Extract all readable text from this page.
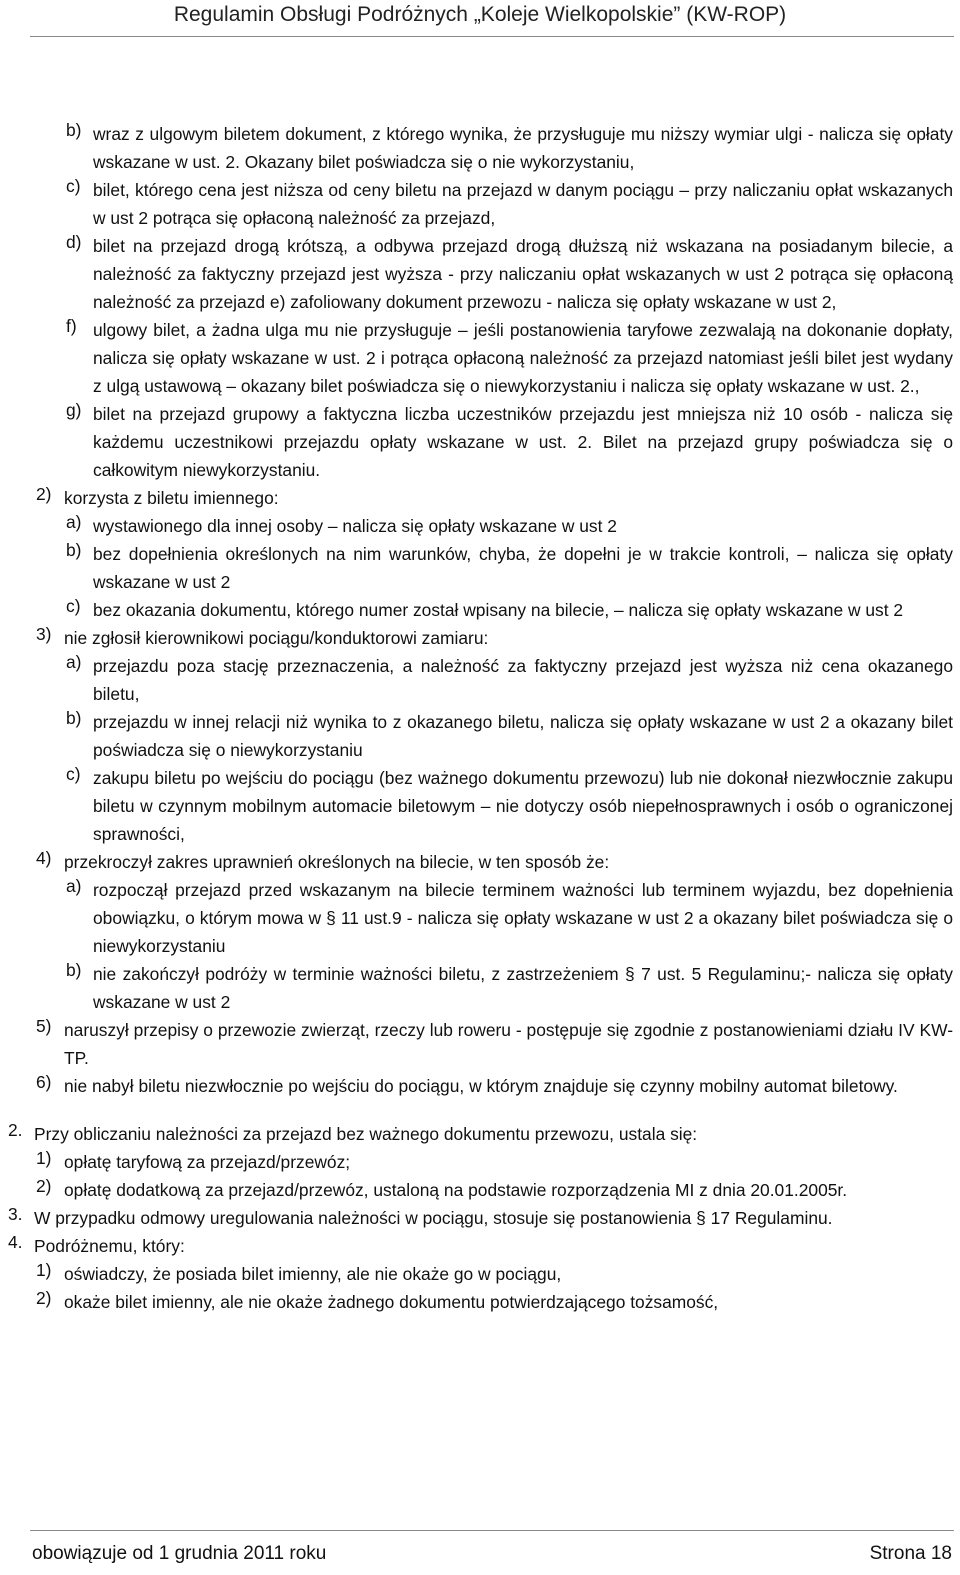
Regulamin Obsługi Podróżnych „Koleje Wielkopolskie” (KW-ROP)
b) wraz z ulgowym biletem dokument, z którego wynika, że przysługuje mu niższy wymiar ulgi - nalicza się opłaty wskazane w ust. 2. Okazany bilet poświadcza się o nie wykorzystaniu,
c) bilet, którego cena jest niższa od ceny biletu na przejazd w danym pociągu – przy naliczaniu opłat wskazanych w ust 2 potrąca się opłaconą należność za przejazd,
d) bilet na przejazd drogą krótszą, a odbywa przejazd drogą dłuższą niż wskazana na posiadanym bilecie, a należność za faktyczny przejazd jest wyższa - przy naliczaniu opłat wskazanych w ust 2 potrąca się opłaconą należność za przejazd e) zafoliowany dokument przewozu - nalicza się opłaty wskazane w ust 2,
f) ulgowy bilet, a żadna ulga mu nie przysługuje – jeśli postanowienia taryfowe zezwalają na dokonanie dopłaty, nalicza się opłaty wskazane w ust. 2 i potrąca opłaconą należność za przejazd natomiast jeśli bilet jest wydany z ulgą ustawową – okazany bilet poświadcza się o niewykorzystaniu i nalicza się opłaty wskazane w ust. 2.,
g) bilet na przejazd grupowy a faktyczna liczba uczestników przejazdu jest mniejsza niż 10 osób - nalicza się każdemu uczestnikowi przejazdu opłaty wskazane w ust. 2. Bilet na przejazd grupy poświadcza się o całkowitym niewykorzystaniu.
2) korzysta z biletu imiennego:
a) wystawionego dla innej osoby – nalicza się opłaty wskazane w ust 2
b) bez dopełnienia określonych na nim warunków, chyba, że dopełni je w trakcie kontroli, – nalicza się opłaty wskazane w ust 2
c) bez okazania dokumentu, którego numer został wpisany na bilecie, – nalicza się opłaty wskazane w ust 2
3) nie zgłosił kierownikowi pociągu/konduktorowi zamiaru:
a) przejazdu poza stację przeznaczenia, a należność za faktyczny przejazd jest wyższa niż cena okazanego biletu,
b) przejazdu w innej relacji niż wynika to z okazanego biletu, nalicza się opłaty wskazane w ust 2 a okazany bilet poświadcza się o niewykorzystaniu
c) zakupu biletu po wejściu do pociągu (bez ważnego dokumentu przewozu) lub nie dokonał niezwłocznie zakupu biletu w czynnym mobilnym automacie biletowym – nie dotyczy osób niepełnosprawnych i osób o ograniczonej sprawności,
4) przekroczył zakres uprawnień określonych na bilecie, w ten sposób że:
a) rozpoczął przejazd przed wskazanym na bilecie terminem ważności lub terminem wyjazdu, bez dopełnienia obowiązku, o którym mowa w § 11 ust.9 - nalicza się opłaty wskazane w ust 2 a okazany bilet poświadcza się o niewykorzystaniu
b) nie zakończył podróży w terminie ważności biletu, z zastrzeżeniem § 7 ust. 5 Regulaminu;- nalicza się opłaty wskazane w ust 2
5) naruszył przepisy o przewozie zwierząt, rzeczy lub roweru - postępuje się zgodnie z postanowieniami działu IV KW-TP.
6) nie nabył biletu niezwłocznie po wejściu do pociągu, w którym znajduje się czynny mobilny automat biletowy.
2. Przy obliczaniu należności za przejazd bez ważnego dokumentu przewozu, ustala się:
1) opłatę taryfową za przejazd/przewóz;
2) opłatę dodatkową za przejazd/przewóz, ustaloną na podstawie rozporządzenia MI z dnia 20.01.2005r.
3. W przypadku odmowy uregulowania należności w pociągu, stosuje się postanowienia § 17 Regulaminu.
4. Podróżnemu, który:
1) oświadczy, że posiada bilet imienny, ale nie okaże go w pociągu,
2) okaże bilet imienny, ale nie okaże żadnego dokumentu potwierdzającego tożsamość,
obowiązuje od 1 grudnia 2011 roku	Strona 18
